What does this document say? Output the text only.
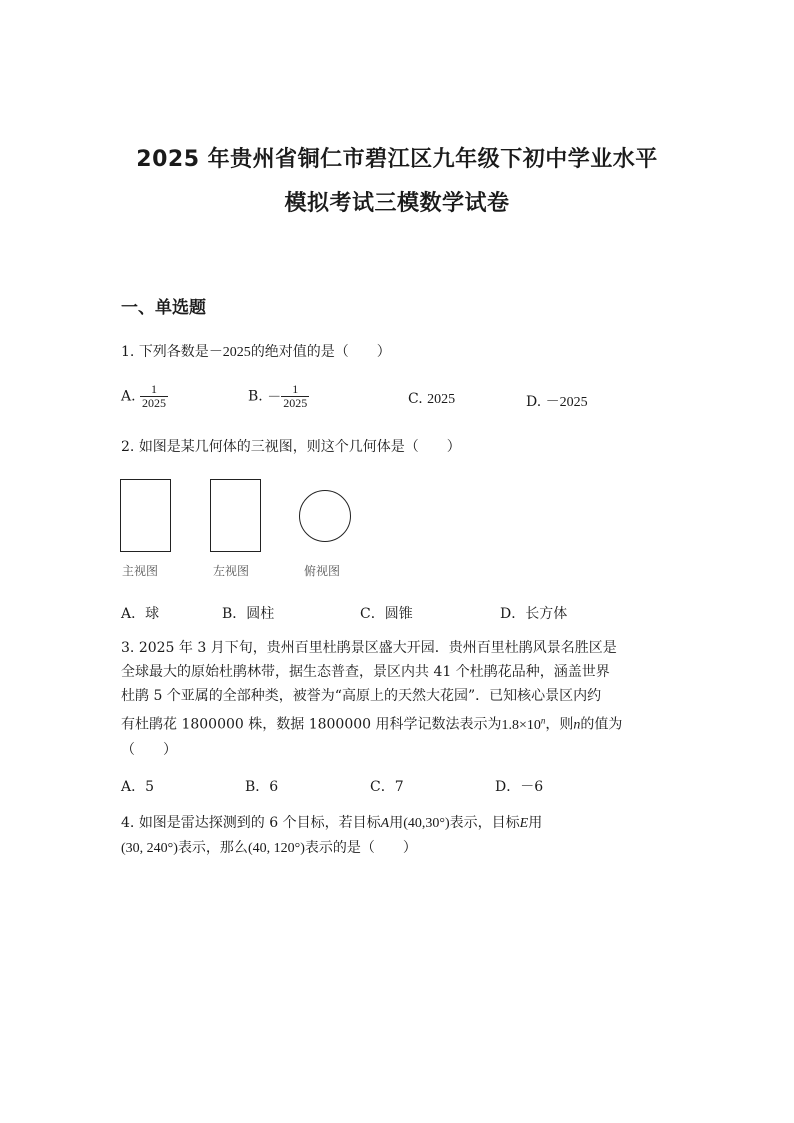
2025 年贵州省铜仁市碧江区九年级下初中学业水平
模拟考试三模数学试卷
一、单选题
1. 下列各数是－2025的绝对值的是（　　）
A. $\frac{1}{2025}$	B. － $\frac{1}{2025}$	C. 2025	D. －2025
2. 如图是某几何体的三视图，则这个几何体是（　　）
主视图	左视图	俯视图
A．球	B．圆柱	C．圆锥	D．长方体
3. 2025 年 3 月下旬，贵州百里杜鹃景区盛大开园．贵州百里杜鹃风景名胜区是
全球最大的原始杜鹃林带，据生态普查，景区内共 41 个杜鹃花品种，涵盖世界
杜鹃 5 个亚属的全部种类，被誉为“高原上的天然大花园”．已知核心景区内约
有杜鹃花 1800000 株，数据 1800000 用科学记数法表示为$1.8\times 10^n$，则n的值为
（　　）
A．5	B．6	C．7	D．－6
4. 如图是雷达探测到的 6 个目标，若目标A用(40,30°)表示，目标E用
(30, 240°)表示，那么(40, 120°)表示的是（　　）
